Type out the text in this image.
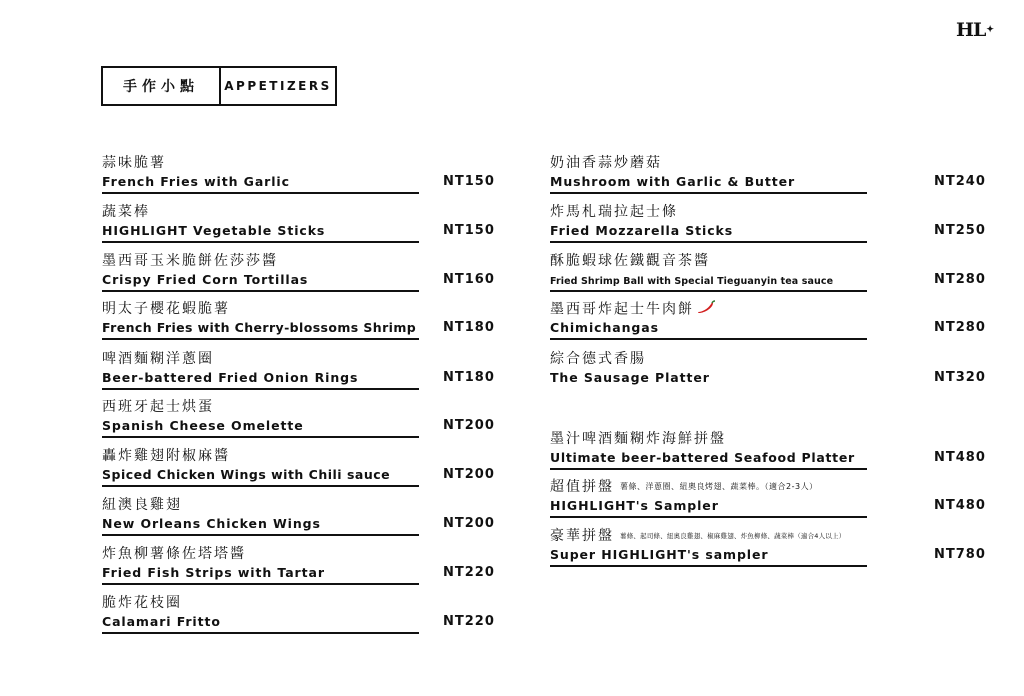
HL✦
手作小點	APPETIZERS
蒜味脆薯
French Fries with Garlic	NT150
蔬菜棒
HIGHLIGHT Vegetable Sticks	NT150
墨西哥玉米脆餅佐莎莎醬
Crispy Fried Corn Tortillas	NT160
明太子櫻花蝦脆薯
French Fries with Cherry-blossoms Shrimp NT180
啤酒麵糊洋蔥圈
Beer-battered Fried Onion Rings	NT180
西班牙起士烘蛋
Spanish Cheese Omelette	NT200
轟炸雞翅附椒麻醬
Spiced Chicken Wings with Chili sauce	NT200
紐澳良雞翅
New Orleans Chicken Wings	NT200
炸魚柳薯條佐塔塔醬
Fried Fish Strips with Tartar	NT220
脆炸花枝圈
Calamari Fritto	NT220
奶油香蒜炒蘑菇
Mushroom with Garlic & Butter	NT240
炸馬札瑞拉起士條
Fried Mozzarella Sticks	NT250
酥脆蝦球佐鐵觀音茶醬
Fried Shrimp Ball with Special Tieguanyin tea sauce	NT280
墨西哥炸起士牛肉餅
Chimichangas	NT280
綜合德式香腸
The Sausage Platter	NT320
墨汁啤酒麵糊炸海鮮拼盤
Ultimate beer-battered Seafood Platter	NT480
超值拼盤 薯條、洋蔥圈、紐奧良烤翅、蔬菜棒。（適合2-3人）
HIGHLIGHT's Sampler	NT480
豪華拼盤 薯條、起司條、紐奧良雞翅、椒麻雞翅、炸魚柳條、蔬菜棒（適合4人以上）
Super HIGHLIGHT's sampler	NT780
